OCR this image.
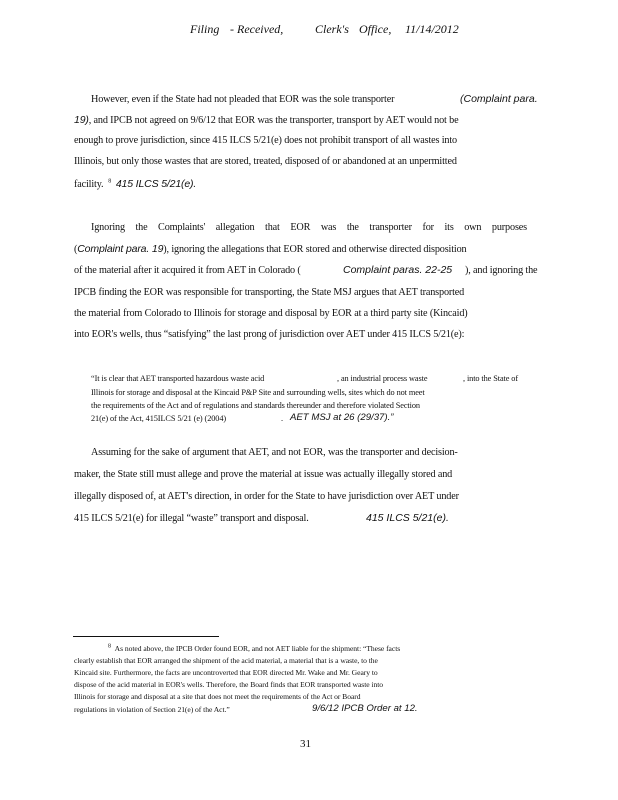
Filing - Received,	Clerk's Office, 11/14/2012
However, even if the State had not pleaded that EOR was the sole transporter	(Complaint para.
19), and IPCB not agreed on 9/6/12 that EOR was the transporter, transport by AET would not be
enough to prove jurisdiction, since 415 ILCS 5/21(e) does not prohibit transport of all wastes into
Illinois, but only those wastes that are stored, treated, disposed of or abandoned at an unpermitted
facility. $^8$ 415 ILCS 5/21(e).
Ignoring the Complaints' allegation that EOR was the transporter for its own purposes
(Complaint para. 19), ignoring the allegations that EOR stored and otherwise directed disposition
of the material after it acquired it from AET in Colorado (	Complaint paras. 22-25 ), and ignoring the
IPCB finding the EOR was responsible for transporting, the State MSJ argues that AET transported
the material from Colorado to Illinois for storage and disposal by EOR at a third party site (Kincaid)
into EOR's wells, thus “satisfying” the last prong of jurisdiction over AET under 415 ILCS 5/21(e):
“It is clear that AET transported hazardous waste acid	, an industrial process waste	, into the State of
Illinois for storage and disposal at the Kincaid P&P Site and surrounding wells, sites which do not meet
the requirements of the Act and of regulations and standards thereunder and therefore violated Section
21(e) of the Act, 415ILCS 5/21 (e) (2004)	. AET MSJ at 26 (29/37).”
Assuming for the sake of argument that AET, and not EOR, was the transporter and decision-
maker, the State still must allege and prove the material at issue was actually illegally stored and
illegally disposed of, at AET's direction, in order for the State to have jurisdiction over AET under
415 ILCS 5/21(e) for illegal “waste” transport and disposal.	415 ILCS 5/21(e).
$^8$ As noted above, the IPCB Order found EOR, and not AET liable for the shipment: “These facts
clearly establish that EOR arranged the shipment of the acid material, a material that is a waste, to the
Kincaid site. Furthermore, the facts are uncontroverted that EOR directed Mr. Wake and Mr. Geary to
dispose of the acid material in EOR's wells. Therefore, the Board finds that EOR transported waste into
Illinois for storage and disposal at a site that does not meet the requirements of the Act or Board
regulations in violation of Section 21(e) of the Act.”	9/6/12 IPCB Order at 12.
31
